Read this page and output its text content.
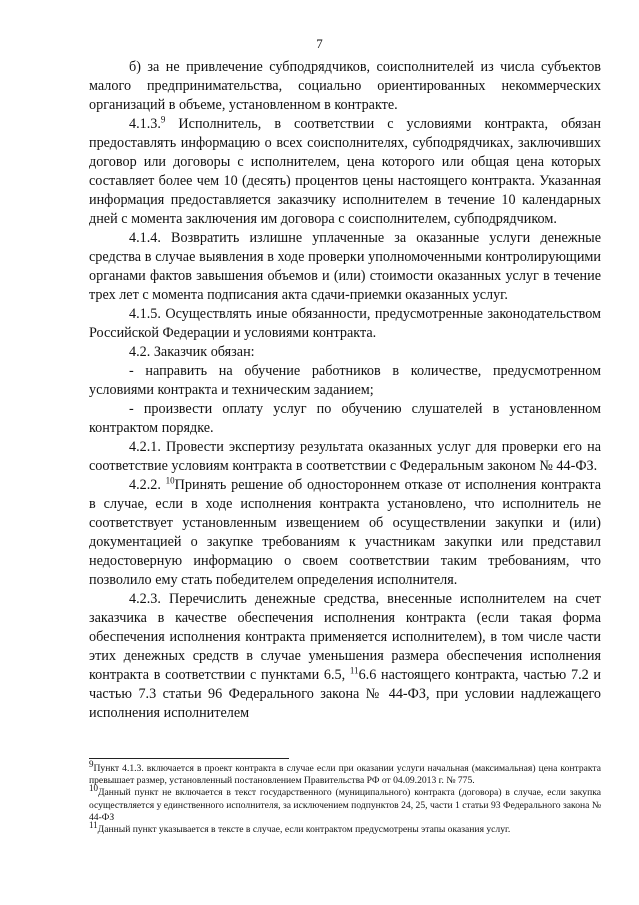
7

б) за не привлечение субподрядчиков, соисполнителей из числа субъектов малого предпринимательства, социально ориентированных некоммерческих организаций в объеме, установленном в контракте.

4.1.3.$^9$ Исполнитель, в соответствии с условиями контракта, обязан предоставлять информацию о всех соисполнителях, субподрядчиках, заключивших договор или договоры с исполнителем, цена которого или общая цена которых составляет более чем 10 (десять) процентов цены настоящего контракта. Указанная информация предоставляется заказчику исполнителем в течение 10 календарных дней с момента заключения им договора с соисполнителем, субподрядчиком.

4.1.4. Возвратить излишне уплаченные за оказанные услуги денежные средства в случае выявления в ходе проверки уполномоченными контролирующими органами фактов завышения объемов и (или) стоимости оказанных услуг в течение трех лет с момента подписания акта сдачи-приемки оказанных услуг.

4.1.5. Осуществлять иные обязанности, предусмотренные законодательством Российской Федерации и условиями контракта.

4.2. Заказчик обязан:

- направить на обучение работников в количестве, предусмотренном условиями контракта и техническим заданием;

- произвести оплату услуг по обучению слушателей в установленном контрактом порядке.

4.2.1. Провести экспертизу результата оказанных услуг для проверки его на соответствие условиям контракта в соответствии с Федеральным законом № 44-ФЗ.

4.2.2. $^{10}$Принять решение об одностороннем отказе от исполнения контракта в случае, если в ходе исполнения контракта установлено, что исполнитель не соответствует установленным извещением об осуществлении закупки и (или) документацией о закупке требованиям к участникам закупки или представил недостоверную информацию о своем соответствии таким требованиям, что позволило ему стать победителем определения исполнителя.

4.2.3. Перечислить денежные средства, внесенные исполнителем на счет заказчика в качестве обеспечения исполнения контракта (если такая форма обеспечения исполнения контракта применяется исполнителем), в том числе части этих денежных средств в случае уменьшения размера обеспечения исполнения контракта в соответствии с пунктами 6.5, $^{11}$6.6 настоящего контракта, частью 7.2 и частью 7.3 статьи 96 Федерального закона № 44-ФЗ, при условии надлежащего исполнения исполнителем

$^9$Пункт 4.1.3. включается в проект контракта в случае если при оказании услуги начальная (максимальная) цена контракта превышает размер, установленный постановлением Правительства РФ от 04.09.2013 г. № 775.

$^{10}$Данный пункт не включается в текст государственного (муниципального) контракта (договора) в случае, если закупка осуществляется у единственного исполнителя, за исключением подпунктов 24, 25, части 1 статьи 93 Федерального закона № 44-ФЗ

$^{11}$Данный пункт указывается в тексте в случае, если контрактом предусмотрены этапы оказания услуг.
